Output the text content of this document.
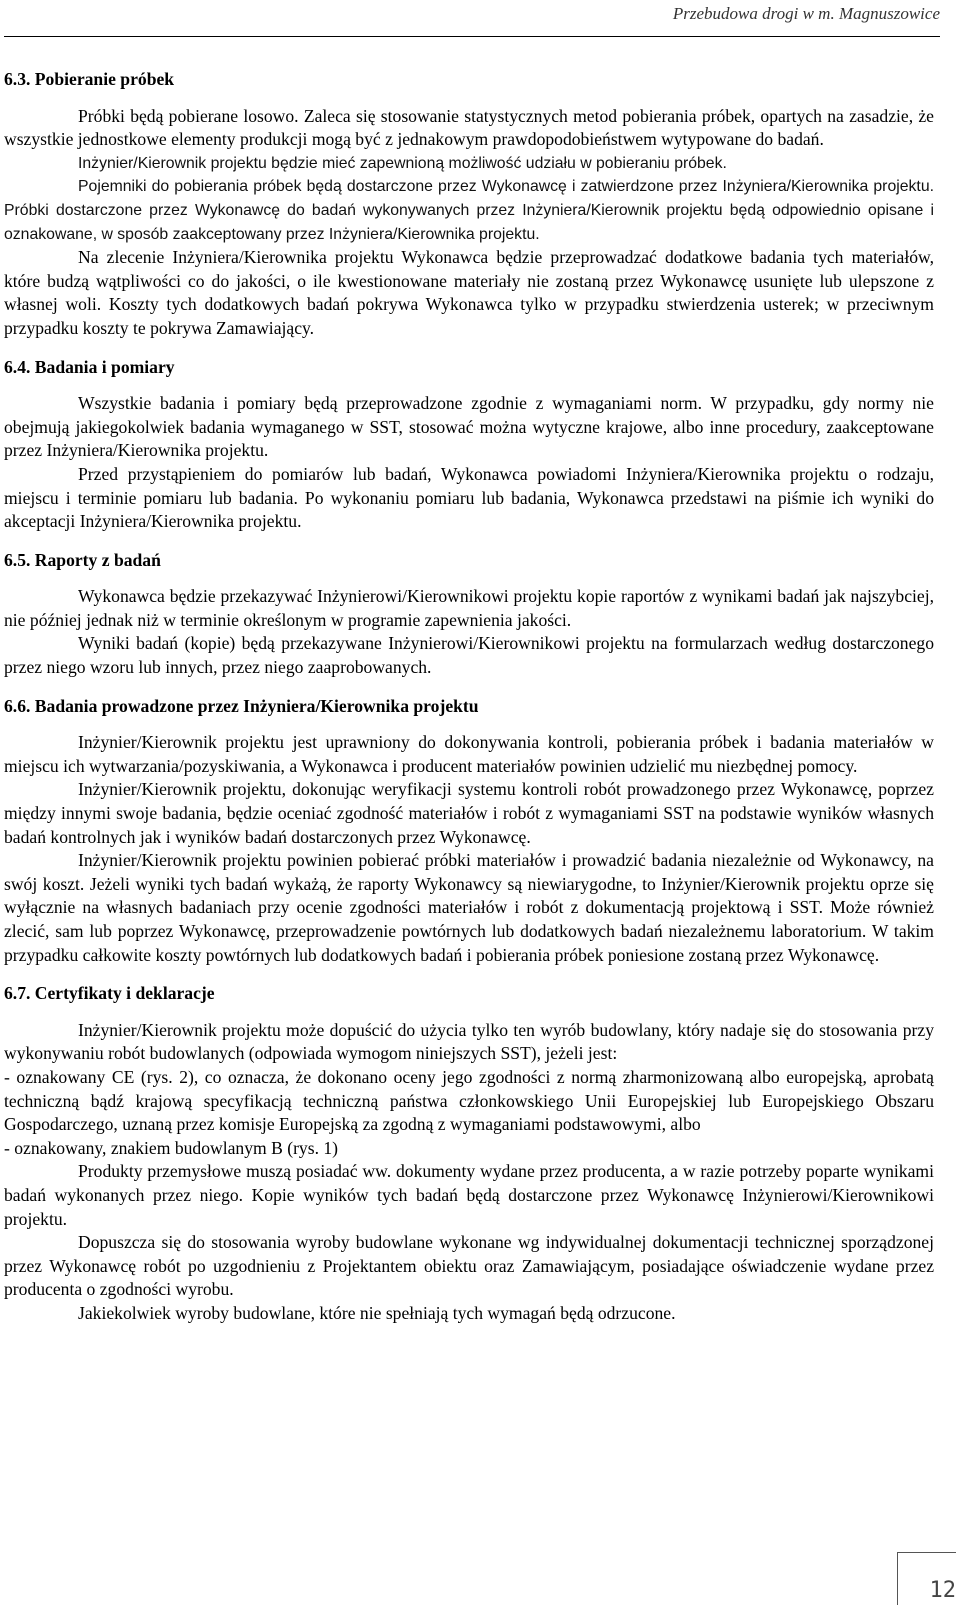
Przebudowa drogi w m. Magnuszowice
6.3. Pobieranie próbek

Próbki będą pobierane losowo. Zaleca się stosowanie statystycznych metod pobierania próbek, opartych na zasadzie, że wszystkie jednostkowe elementy produkcji mogą być z jednakowym prawdopodobieństwem wytypowane do badań.

Inżynier/Kierownik projektu będzie mieć zapewnioną możliwość udziału w pobieraniu próbek.

Pojemniki do pobierania próbek będą dostarczone przez Wykonawcę i zatwierdzone przez Inżyniera/Kierownika projektu. Próbki dostarczone przez Wykonawcę do badań wykonywanych przez Inżyniera/Kierownik projektu będą odpowiednio opisane i oznakowane, w sposób zaakceptowany przez Inżyniera/Kierownika projektu.

Na zlecenie Inżyniera/Kierownika projektu Wykonawca będzie przeprowadzać dodatkowe badania tych materiałów, które budzą wątpliwości co do jakości, o ile kwestionowane materiały nie zostaną przez Wykonawcę usunięte lub ulepszone z własnej woli. Koszty tych dodatkowych badań pokrywa Wykonawca tylko w przypadku stwierdzenia usterek; w przeciwnym przypadku koszty te pokrywa Zamawiający.

6.4. Badania i pomiary

Wszystkie badania i pomiary będą przeprowadzone zgodnie z wymaganiami norm. W przypadku, gdy normy nie obejmują jakiegokolwiek badania wymaganego w SST, stosować można wytyczne krajowe, albo inne procedury, zaakceptowane przez Inżyniera/Kierownika projektu.

Przed przystąpieniem do pomiarów lub badań, Wykonawca powiadomi Inżyniera/Kierownika projektu o rodzaju, miejscu i terminie pomiaru lub badania. Po wykonaniu pomiaru lub badania, Wykonawca przedstawi na piśmie ich wyniki do akceptacji Inżyniera/Kierownika projektu.

6.5. Raporty z badań

Wykonawca będzie przekazywać Inżynierowi/Kierownikowi projektu kopie raportów z wynikami badań jak najszybciej, nie później jednak niż w terminie określonym w programie zapewnienia jakości.

Wyniki badań (kopie) będą przekazywane Inżynierowi/Kierownikowi projektu na formularzach według dostarczonego przez niego wzoru lub innych, przez niego zaaprobowanych.

6.6. Badania prowadzone przez Inżyniera/Kierownika projektu

Inżynier/Kierownik projektu jest uprawniony do dokonywania kontroli, pobierania próbek i badania materiałów w miejscu ich wytwarzania/pozyskiwania, a Wykonawca i producent materiałów powinien udzielić mu niezbędnej pomocy.

Inżynier/Kierownik projektu, dokonując weryfikacji systemu kontroli robót prowadzonego przez Wykonawcę, poprzez między innymi swoje badania, będzie oceniać zgodność materiałów i robót z wymaganiami SST na podstawie wyników własnych badań kontrolnych jak i wyników badań dostarczonych przez Wykonawcę.

Inżynier/Kierownik projektu powinien pobierać próbki materiałów i prowadzić badania niezależnie od Wykonawcy, na swój koszt. Jeżeli wyniki tych badań wykażą, że raporty Wykonawcy są niewiarygodne, to Inżynier/Kierownik projektu oprze się wyłącznie na własnych badaniach przy ocenie zgodności materiałów i robót z dokumentacją projektową i SST. Może również zlecić, sam lub poprzez Wykonawcę, przeprowadzenie powtórnych lub dodatkowych badań niezależnemu laboratorium. W takim przypadku całkowite koszty powtórnych lub dodatkowych badań i pobierania próbek poniesione zostaną przez Wykonawcę.

6.7. Certyfikaty i deklaracje

Inżynier/Kierownik projektu może dopuścić do użycia tylko ten wyrób budowlany, który nadaje się do stosowania przy wykonywaniu robót budowlanych (odpowiada wymogom niniejszych SST), jeżeli jest:

- oznakowany CE (rys. 2), co oznacza, że dokonano oceny jego zgodności z normą zharmonizowaną albo europejską, aprobatą techniczną bądź krajową specyfikacją techniczną państwa członkowskiego Unii Europejskiej lub Europejskiego Obszaru Gospodarczego, uznaną przez komisje Europejską za zgodną z wymaganiami podstawowymi, albo

- oznakowany, znakiem budowlanym B (rys. 1)

Produkty przemysłowe muszą posiadać ww. dokumenty wydane przez producenta, a w razie potrzeby poparte wynikami badań wykonanych przez niego. Kopie wyników tych badań będą dostarczone przez Wykonawcę Inżynierowi/Kierownikowi projektu.

Dopuszcza się do stosowania wyroby budowlane wykonane wg indywidualnej dokumentacji technicznej sporządzonej przez Wykonawcę robót po uzgodnieniu z Projektantem obiektu oraz Zamawiającym, posiadające oświadczenie wydane przez producenta o zgodności wyrobu.

Jakiekolwiek wyroby budowlane, które nie spełniają tych wymagań będą odrzucone.

12
